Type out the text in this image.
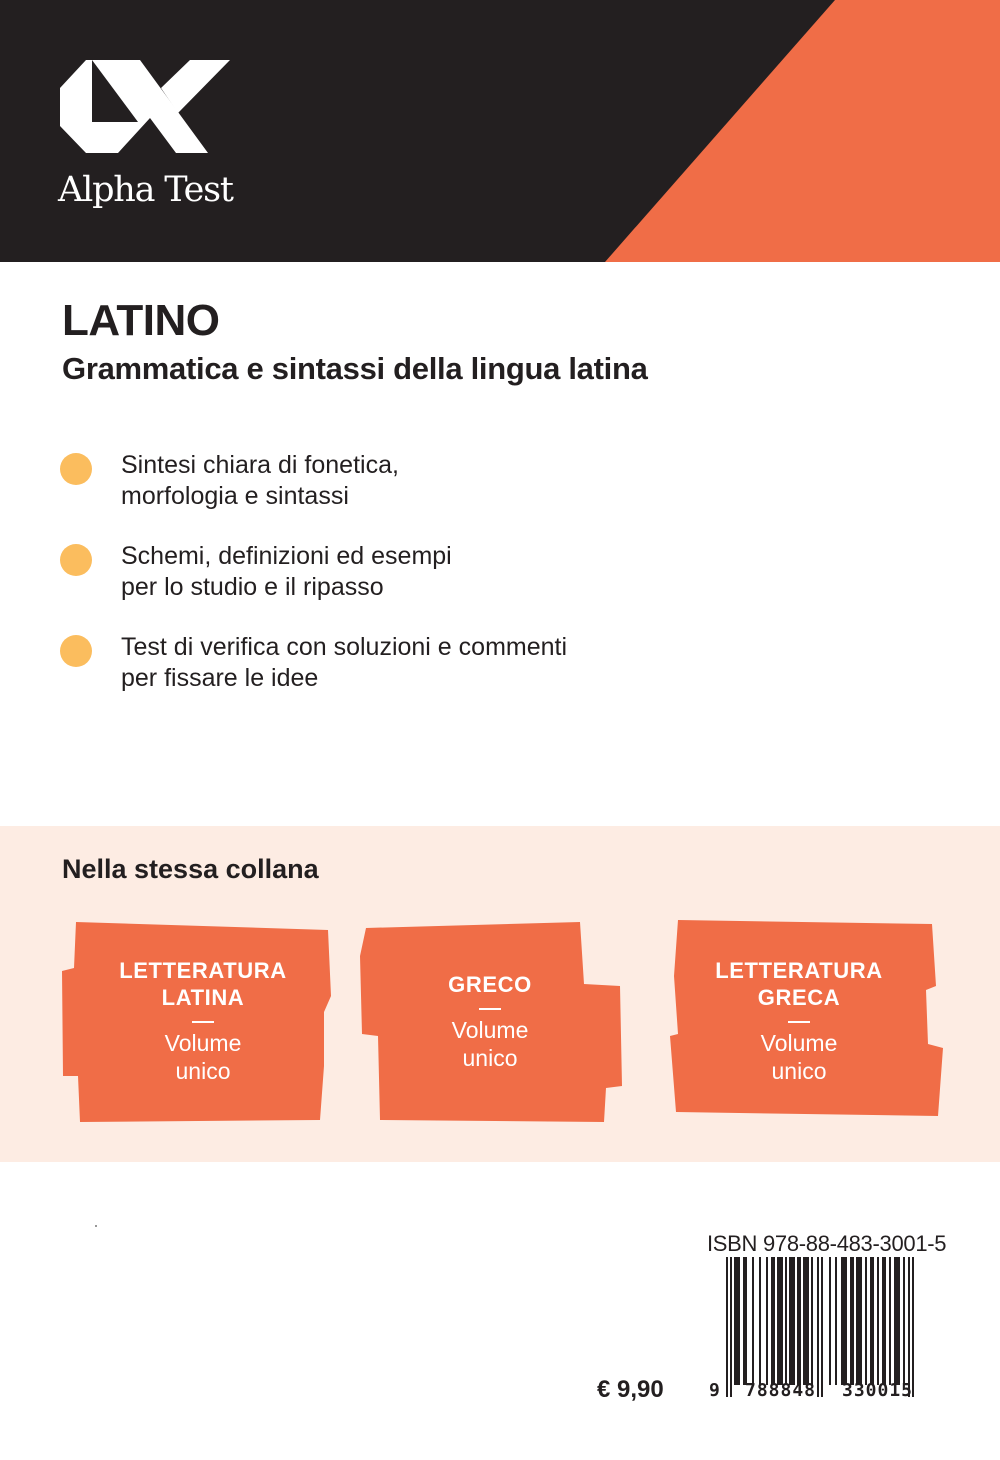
Alpha Test
LATINO
Grammatica e sintassi della lingua latina
Sintesi chiara di fonetica,
morfologia e sintassi
Schemi, definizioni ed esempi
per lo studio e il ripasso
Test di verifica con soluzioni e commenti
per fissare le idee
Nella stessa collana
LETTERATURA
LATINA
Volume
unico
GRECO
Volume
unico
LETTERATURA
GRECA
Volume
unico
ISBN 978-88-483-3001-5
9 788848 330015
€ 9,90
